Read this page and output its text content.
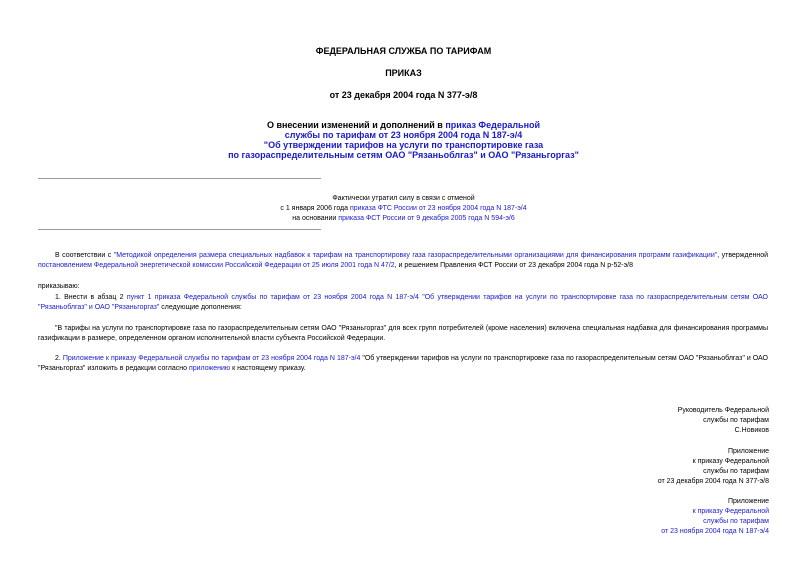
ФЕДЕРАЛЬНАЯ СЛУЖБА ПО ТАРИФАМ
ПРИКАЗ
от 23 декабря 2004 года N 377-э/8
О внесении изменений и дополнений в приказ Федеральной
службы по тарифам от 23 ноября 2004 года N 187-э/4
"Об утверждении тарифов на услуги по транспортировке газа
по газораспределительным сетям ОАО "Рязаньоблгаз" и ОАО "Рязаньгоргаз"
Фактически утратил силу в связи с отменой
с 1 января 2006 года приказа ФТС России от 23 ноября 2004 года N 187-э/4
на основании приказа ФСТ России от 9 декабря 2005 года N 594-э/6
В соответствии с "Методикой определения размера специальных надбавок к тарифам на транспортировку газа газораспределительными организациями для финансирования программ газификации", утвержденной постановлением Федеральной энергетической комиссии Российской Федерации от 25 июля 2001 года N 47/2, и решением Правления ФСТ России от 23 декабря 2004 года N р-52-э/8
приказываю:
1. Внести в абзац 2 пункт 1 приказа Федеральной службы по тарифам от 23 ноября 2004 года N 187-э/4 "Об утверждении тарифов на услуги по транспортировке газа по газораспределительным сетям ОАО "Рязаньоблгаз" и ОАО "Рязаньгоргаз" следующие дополнения:
"В тарифы на услуги по транспортировке газа по газораспределительным сетям ОАО "Рязаньгоргаз" для всех групп потребителей (кроме населения) включена специальная надбавка для финансирования программы газификации в размере, определенном органом исполнительной власти субъекта Российской Федерации.
2. Приложение к приказу Федеральной службы по тарифам от 23 ноября 2004 года N 187-э/4 "Об утверждении тарифов на услуги по транспортировке газа по газораспределительным сетям ОАО "Рязаньоблгаз" и ОАО "Рязаньгоргаз" изложить в редакции согласно приложению к настоящему приказу.
Руководитель Федеральной
службы по тарифам
С.Новиков
Приложение
к приказу Федеральной
службы по тарифам
от 23 декабря 2004 года N 377-э/8
Приложение
к приказу Федеральной
службы по тарифам
от 23 ноября 2004 года N 187-э/4
